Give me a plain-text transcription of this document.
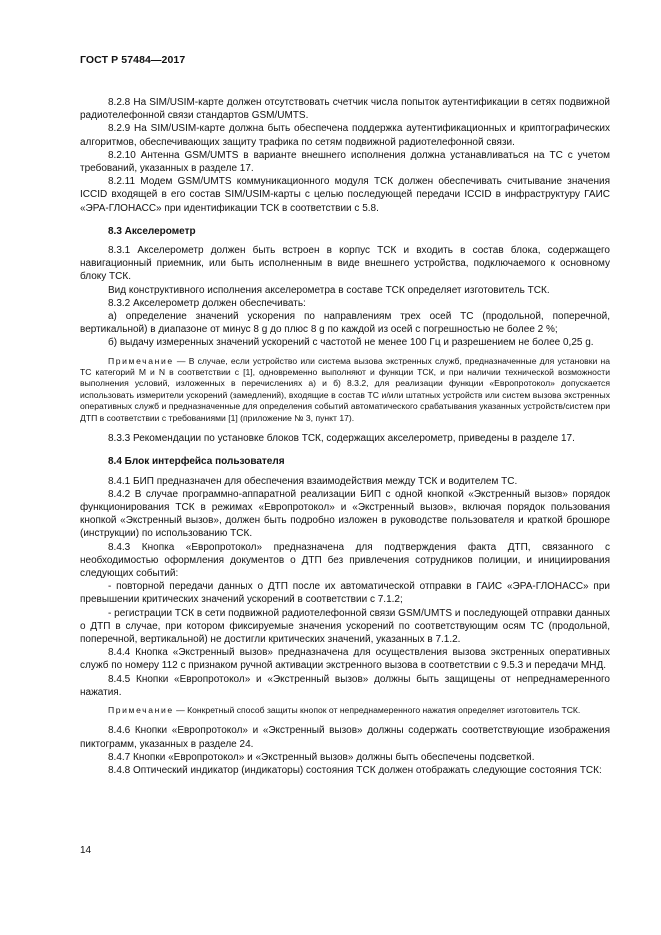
ГОСТ Р 57484—2017

8.2.8 На SIM/USIM-карте должен отсутствовать счетчик числа попыток аутентификации в сетях подвижной радиотелефонной связи стандартов GSM/UMTS.

8.2.9 На SIM/USIM-карте должна быть обеспечена поддержка аутентификационных и криптографических алгоритмов, обеспечивающих защиту трафика по сетям подвижной радиотелефонной связи.

8.2.10 Антенна GSM/UMTS в варианте внешнего исполнения должна устанавливаться на ТС с учетом требований, указанных в разделе 17.

8.2.11 Модем GSM/UMTS коммуникационного модуля ТСК должен обеспечивать считывание значения ICCID входящей в его состав SIM/USIM-карты с целью последующей передачи ICCID в инфраструктуру ГАИС «ЭРА-ГЛОНАСС» при идентификации ТСК в соответствии с 5.8.

8.3 Акселерометр

8.3.1 Акселерометр должен быть встроен в корпус ТСК и входить в состав блока, содержащего навигационный приемник, или быть исполненным в виде внешнего устройства, подключаемого к основному блоку ТСК.

Вид конструктивного исполнения акселерометра в составе ТСК определяет изготовитель ТСК.

8.3.2 Акселерометр должен обеспечивать:

а) определение значений ускорения по направлениям трех осей ТС (продольной, поперечной, вертикальной) в диапазоне от минус 8 g до плюс 8 g по каждой из осей с погрешностью не более 2 %;

б) выдачу измеренных значений ускорений с частотой не менее 100 Гц и разрешением не более 0,25 g.

Примечание — В случае, если устройство или система вызова экстренных служб, предназначенные для установки на ТС категорий М и N в соответствии с [1], одновременно выполняют и функции ТСК, и при наличии технической возможности выполнения условий, изложенных в перечислениях а) и б) 8.3.2, для реализации функции «Европротокол» допускается использовать измерители ускорений (замедлений), входящие в состав ТС и/или штатных устройств или систем вызова экстренных оперативных служб и предназначенные для определения событий автоматического срабатывания указанных устройств/систем при ДТП в соответствии с требованиями [1] (приложение № 3, пункт 17).

8.3.3 Рекомендации по установке блоков ТСК, содержащих акселерометр, приведены в разделе 17.

8.4 Блок интерфейса пользователя

8.4.1 БИП предназначен для обеспечения взаимодействия между ТСК и водителем ТС.

8.4.2 В случае программно-аппаратной реализации БИП с одной кнопкой «Экстренный вызов» порядок функционирования ТСК в режимах «Европротокол» и «Экстренный вызов», включая порядок пользования кнопкой «Экстренный вызов», должен быть подробно изложен в руководстве пользователя и краткой брошюре (инструкции) по использованию ТСК.

8.4.3 Кнопка «Европротокол» предназначена для подтверждения факта ДТП, связанного с необходимостью оформления документов о ДТП без привлечения сотрудников полиции, и инициирования следующих событий:

- повторной передачи данных о ДТП после их автоматической отправки в ГАИС «ЭРА-ГЛОНАСС» при превышении критических значений ускорений в соответствии с 7.1.2;

- регистрации ТСК в сети подвижной радиотелефонной связи GSM/UMTS и последующей отправки данных о ДТП в случае, при котором фиксируемые значения ускорений по соответствующим осям ТС (продольной, поперечной, вертикальной) не достигли критических значений, указанных в 7.1.2.

8.4.4 Кнопка «Экстренный вызов» предназначена для осуществления вызова экстренных оперативных служб по номеру 112 с признаком ручной активации экстренного вызова в соответствии с 9.5.3 и передачи МНД.

8.4.5 Кнопки «Европротокол» и «Экстренный вызов» должны быть защищены от непреднамеренного нажатия.

Примечание — Конкретный способ защиты кнопок от непреднамеренного нажатия определяет изготовитель ТСК.

8.4.6 Кнопки «Европротокол» и «Экстренный вызов» должны содержать соответствующие изображения пиктограмм, указанных в разделе 24.

8.4.7 Кнопки «Европротокол» и «Экстренный вызов» должны быть обеспечены подсветкой.

8.4.8 Оптический индикатор (индикаторы) состояния ТСК должен отображать следующие состояния ТСК:

14
